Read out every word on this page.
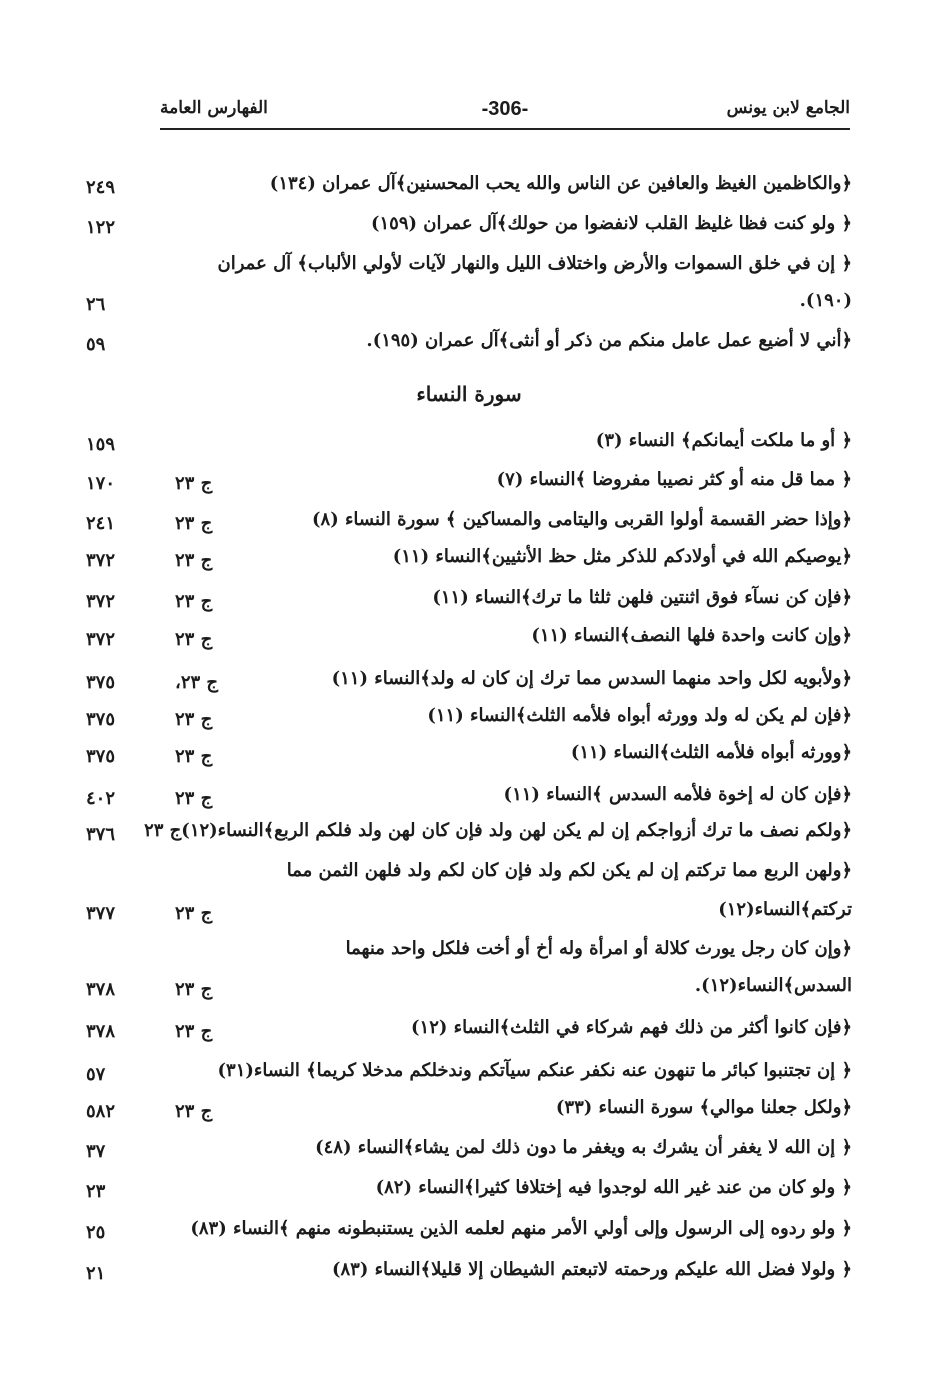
الجامع لابن يونس
-306-
الفهارس العامة
﴿والكاظمين الغيظ والعافين عن الناس والله يحب المحسنين﴾آل عمران (١٣٤)
٢٤٩
﴿ ولو كنت فظا غليظ القلب لانفضوا من حولك﴾آل عمران (١٥٩)
١٢٢
﴿ إن في خلق السموات والأرض واختلاف الليل والنهار لآيات لأولي الألباب﴾ آل عمران
(١٩٠).
٢٦
﴿أني لا أضيع عمل عامل منكم من ذكر أو أنثى﴾آل عمران (١٩٥).
٥٩
سورة النساء
﴿ أو ما ملكت أيمانكم﴾ النساء (٣)
١٥٩
﴿ مما قل منه أو كثر نصيبا مفروضا ﴾النساء (٧)
ج ٢٣
١٧٠
﴿وإذا حضر القسمة أولوا القربى واليتامى والمساكين ﴾ سورة النساء (٨)
ج ٢٣
٢٤١
﴿يوصيكم الله في أولادكم للذكر مثل حظ الأنثيين﴾النساء (١١)
ج ٢٣
٣٧٢
﴿فإن كن نسآء فوق اثنتين فلهن ثلثا ما ترك﴾النساء (١١)
ج ٢٣
٣٧٢
﴿وإن كانت واحدة فلها النصف﴾النساء (١١)
ج ٢٣
٣٧٢
﴿ولأبويه لكل واحد منهما السدس مما ترك إن كان له ولد﴾النساء (١١)
ج ٢٣،
٣٧٥
﴿فإن لم يكن له ولد وورثه أبواه فلأمه الثلث﴾النساء (١١)
ج ٢٣
٣٧٥
﴿وورثه أبواه فلأمه الثلث﴾النساء (١١)
ج ٢٣
٣٧٥
﴿فإن كان له إخوة فلأمه السدس ﴾النساء (١١)
ج ٢٣
٤٠٢
﴿ولكم نصف ما ترك أزواجكم إن لم يكن لهن ولد فإن كان لهن ولد فلكم الربع﴾النساء(١٢)ج ٢٣
٣٧٦
﴿ولهن الربع مما تركتم إن لم يكن لكم ولد فإن كان لكم ولد فلهن الثمن مما
تركتم﴾النساء(١٢)
ج ٢٣
٣٧٧
﴿وإن كان رجل يورث كلالة أو امرأة وله أخ أو أخت فلكل واحد منهما
السدس﴾النساء(١٢).
ج ٢٣
٣٧٨
﴿فإن كانوا أكثر من ذلك فهم شركاء في الثلث﴾النساء (١٢)
ج ٢٣
٣٧٨
﴿ إن تجتنبوا كبائر ما تنهون عنه نكفر عنكم سيآتكم وندخلكم مدخلا كريما﴾ النساء(٣١)
٥٧
﴿ولكل جعلنا موالي﴾ سورة النساء (٣٣)
ج ٢٣
٥٨٢
﴿ إن الله لا يغفر أن يشرك به ويغفر ما دون ذلك لمن يشاء﴾النساء (٤٨)
٣٧
﴿ ولو كان من عند غير الله لوجدوا فيه إختلافا كثيرا﴾النساء (٨٢)
٢٣
﴿ ولو ردوه إلى الرسول وإلى أولي الأمر منهم لعلمه الذين يستنبطونه منهم ﴾النساء (٨٣)
٢٥
﴿ ولولا فضل الله عليكم ورحمته لاتبعتم الشيطان إلا قليلا﴾النساء (٨٣)
٢١
